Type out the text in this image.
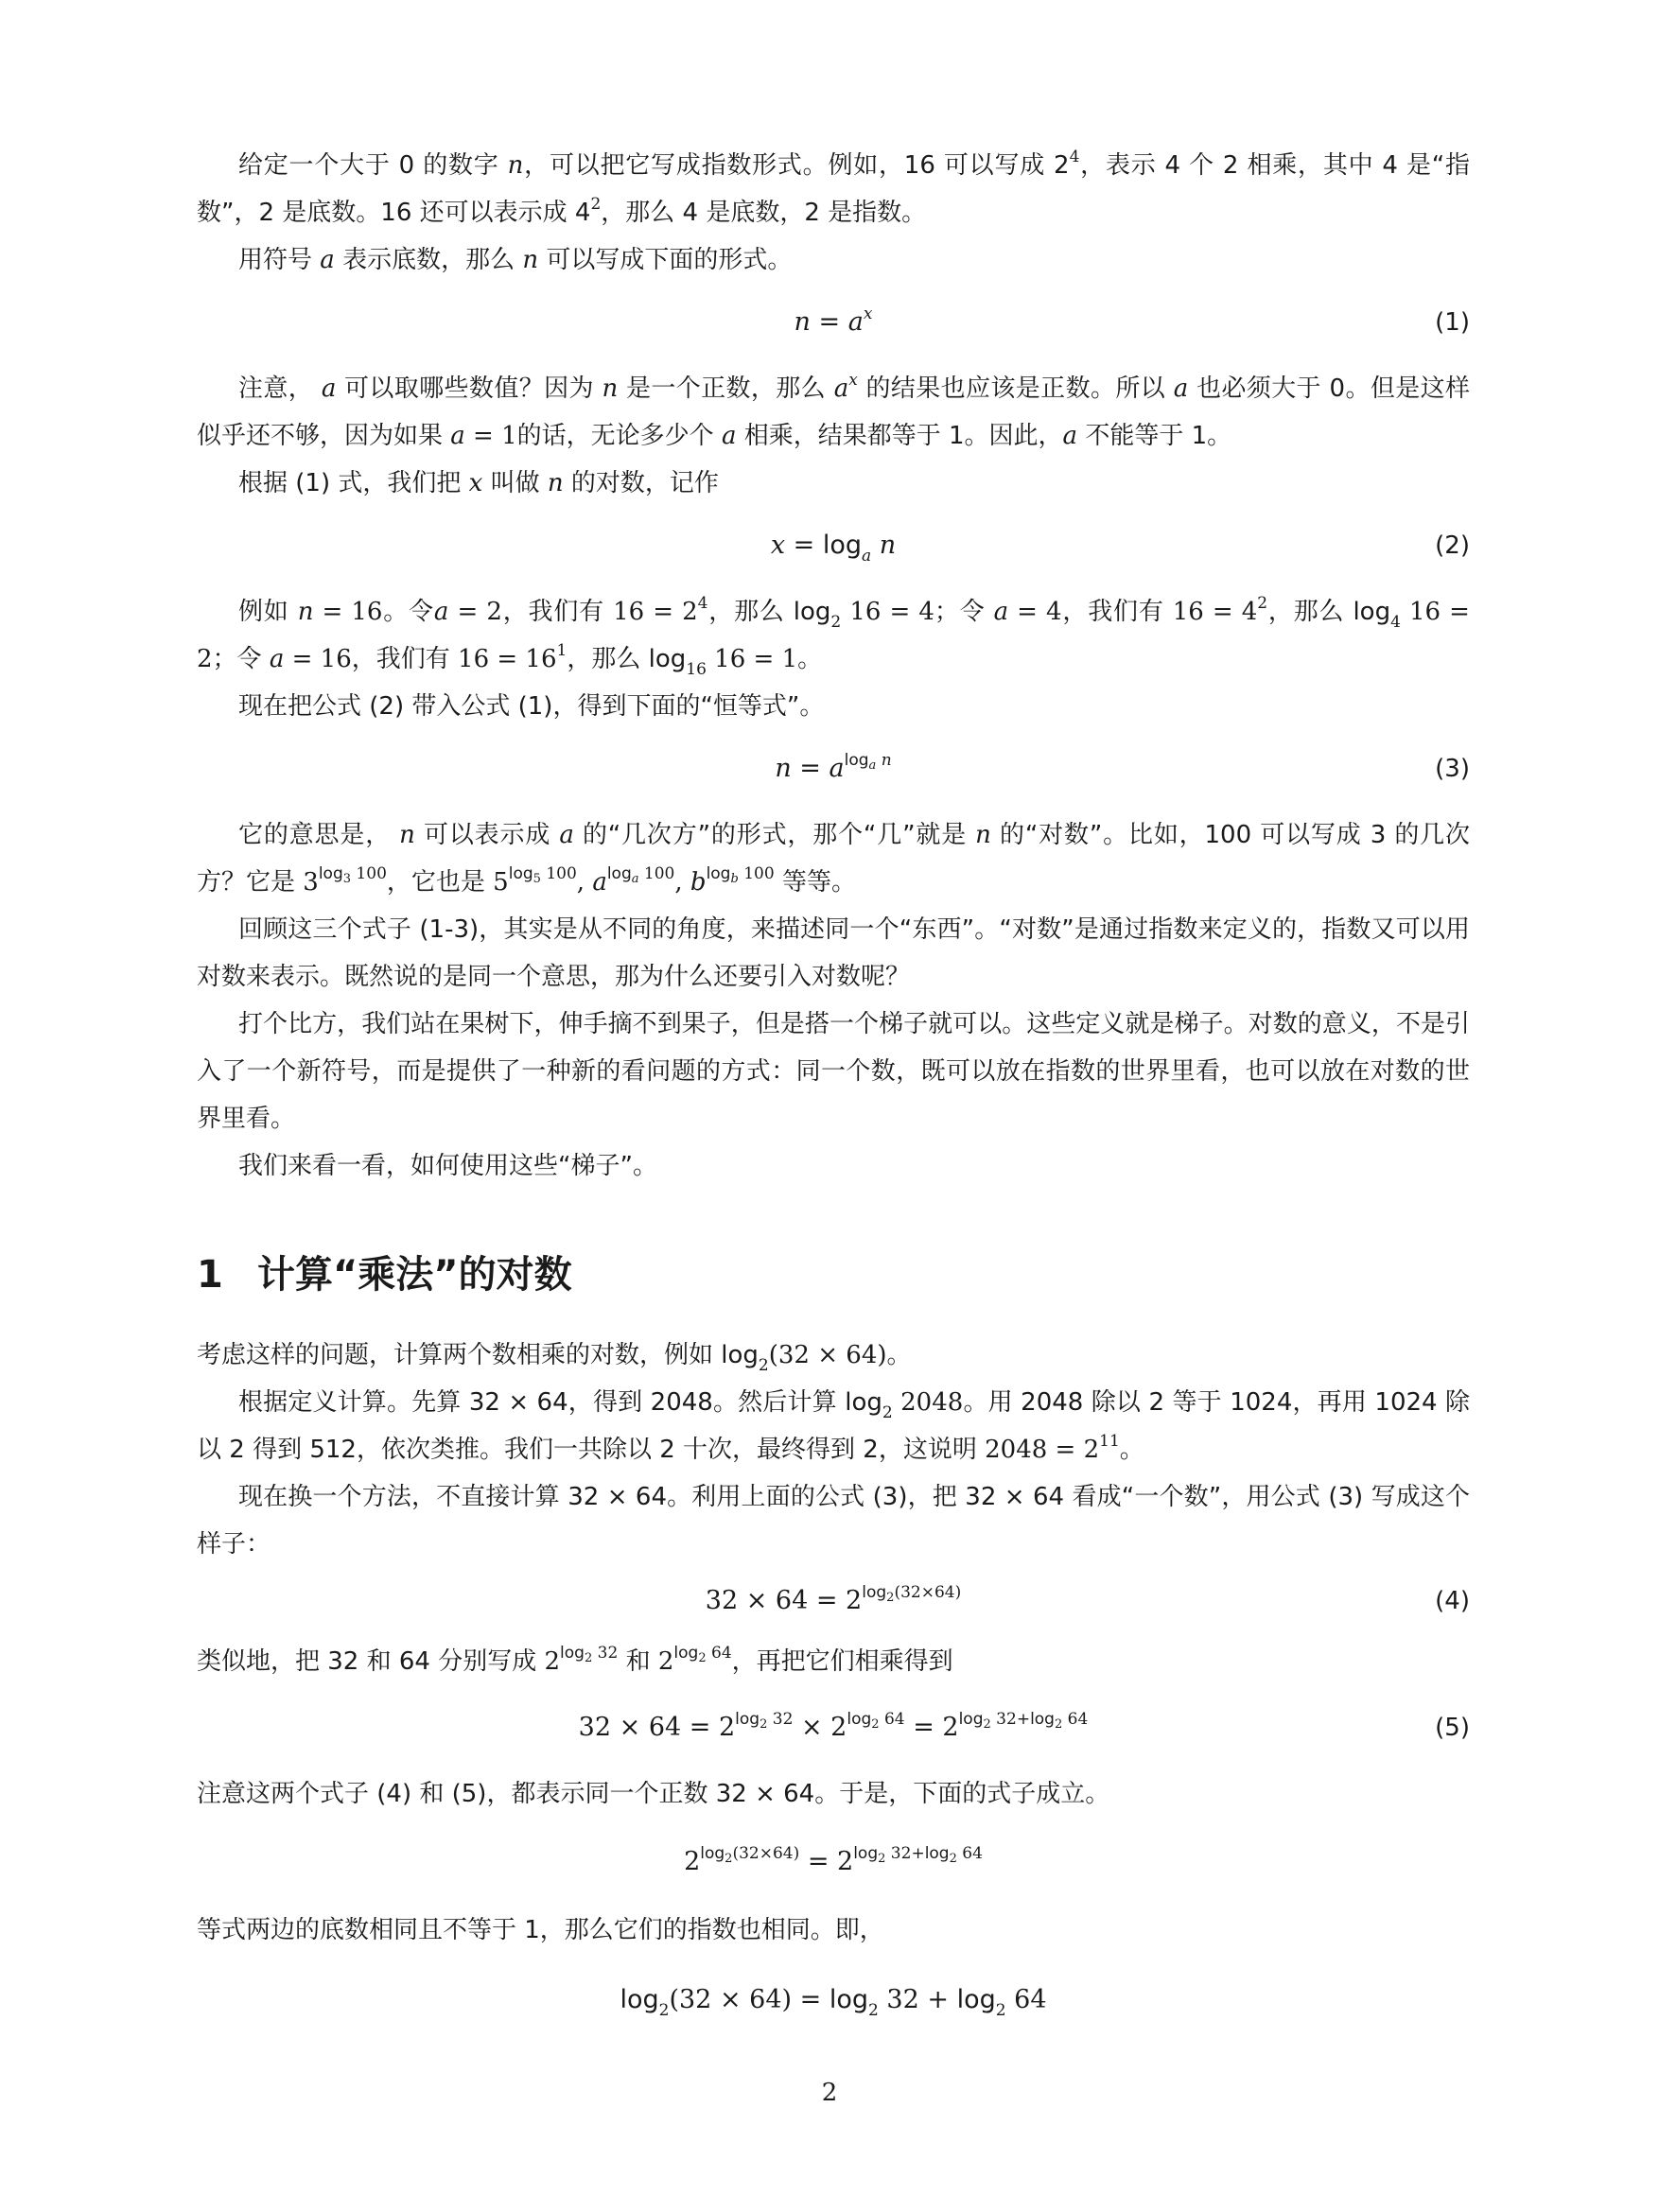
给定一个大于 0 的数字 n，可以把它写成指数形式。例如，16 可以写成 $2^4$，表示 4 个 2 相乘，其中 4 是“指数”，2 是底数。16 还可以表示成 $4^2$，那么 4 是底数，2 是指数。

用符号 a 表示底数，那么 n 可以写成下面的形式。

$n = a^x$	(1)

注意， a 可以取哪些数值？因为 n 是一个正数，那么 $a^x$ 的结果也应该是正数。所以 a 也必须大于 0。但是这样似乎还不够，因为如果 a = 1的话，无论多少个 a 相乘，结果都等于 1。因此，a 不能等于 1。

根据 (1) 式，我们把 x 叫做 n 的对数，记作

$x = \log_a n$	(2)

例如 n = 16。令a = 2，我们有 $16 = 2^4$，那么 $\log_2 16 = 4$；令 a = 4，我们有 $16 = 4^2$，那么 $\log_4 16 = 2$；令 a = 16，我们有 $16 = 16^1$，那么 $\log_{16} 16 = 1$。

现在把公式 (2) 带入公式 (1)，得到下面的“恒等式”。

$n = a^{log_a n}$	(3)

它的意思是， n 可以表示成 a 的“几次方”的形式，那个“几”就是 n 的“对数”。比如，100 可以写成 3 的几次方？它是 $3^{log_3 100}$，它也是 $5^{log_5 100}$, $a^{log_a 100}$, $b^{log_b 100}$ 等等。

回顾这三个式子 (1-3)，其实是从不同的角度，来描述同一个“东西”。“对数”是通过指数来定义的，指数又可以用对数来表示。既然说的是同一个意思，那为什么还要引入对数呢？

打个比方，我们站在果树下，伸手摘不到果子，但是搭一个梯子就可以。这些定义就是梯子。对数的意义，不是引入了一个新符号，而是提供了一种新的看问题的方式：同一个数，既可以放在指数的世界里看，也可以放在对数的世界里看。

我们来看一看，如何使用这些“梯子”。

1 计算“乘法”的对数

考虑这样的问题，计算两个数相乘的对数，例如 $\log_2(32 \times 64)$。

根据定义计算。先算 32 × 64，得到 2048。然后计算 $\log_2 2048$。用 2048 除以 2 等于 1024，再用 1024 除以 2 得到 512，依次类推。我们一共除以 2 十次，最终得到 2，这说明 $2048 = 2^{11}$。

现在换一个方法，不直接计算 32 × 64。利用上面的公式 (3)，把 32 × 64 看成“一个数”，用公式 (3) 写成这个样子：

$32 \times 64 = 2^{log_2(32\times 64)}$	(4)

类似地，把 32 和 64 分别写成 $2^{log_2 32}$ 和 $2^{log_2 64}$，再把它们相乘得到

$32 \times 64 = 2^{log_2 32} \times 2^{log_2 64} = 2^{log_2 32+log_2 64}$	(5)

注意这两个式子 (4) 和 (5)，都表示同一个正数 32 × 64。于是，下面的式子成立。

$2^{log_2(32\times 64)} = 2^{log_2 32+log_2 64}$

等式两边的底数相同且不等于 1，那么它们的指数也相同。即，

$\log_2(32 \times 64) = \log_2 32 + \log_2 64$
2
